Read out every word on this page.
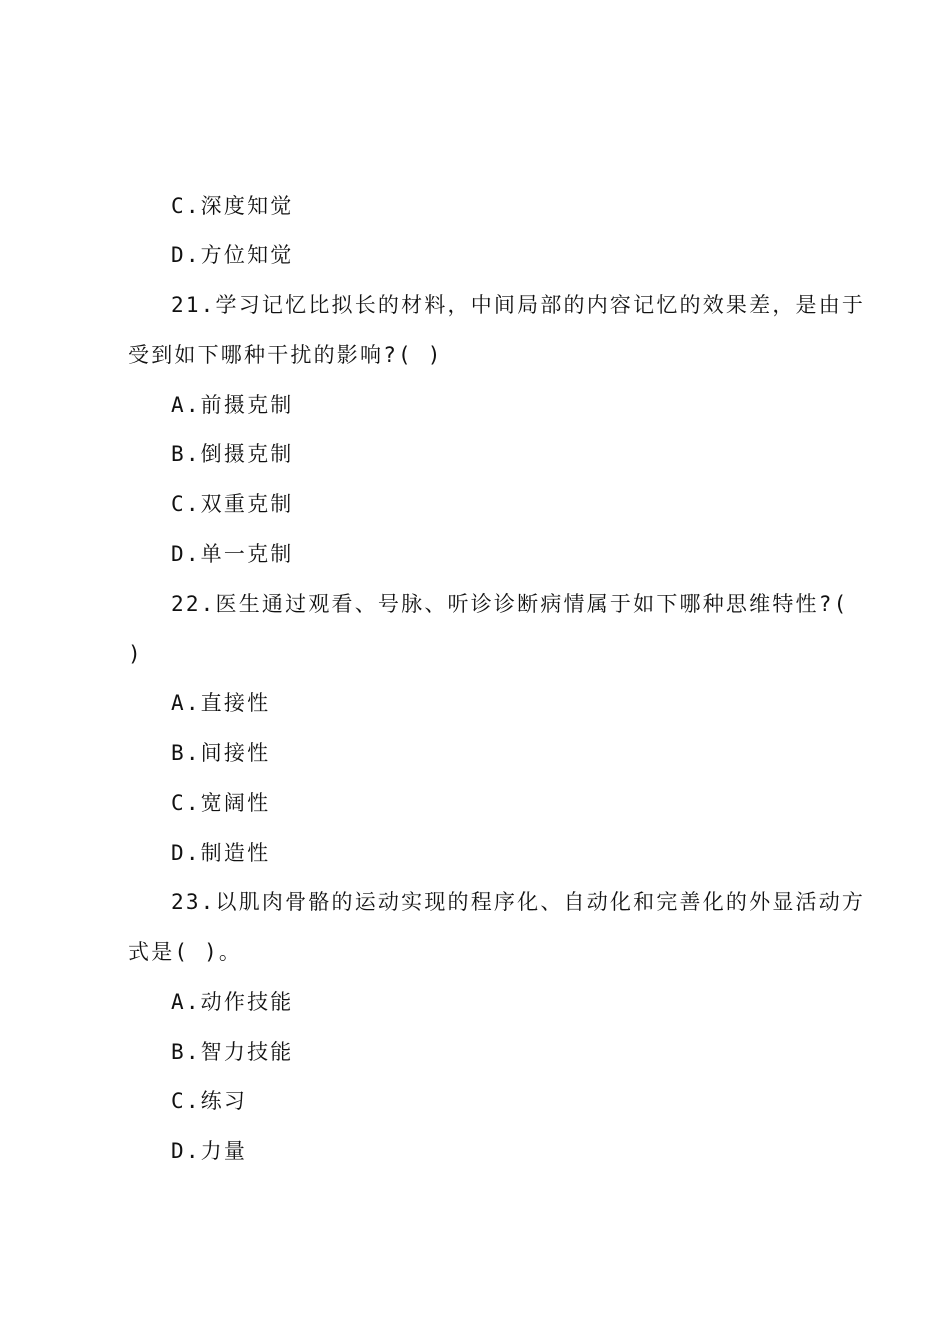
C.深度知觉
D.方位知觉
21.学习记忆比拟长的材料，中间局部的内容记忆的效果差，是由于
受到如下哪种干扰的影响?( )
A.前摄克制
B.倒摄克制
C.双重克制
D.单一克制
22.医生通过观看、号脉、听诊诊断病情属于如下哪种思维特性?(
)
A.直接性
B.间接性
C.宽阔性
D.制造性
23.以肌肉骨骼的运动实现的程序化、自动化和完善化的外显活动方
式是( )。
A.动作技能
B.智力技能
C.练习
D.力量
